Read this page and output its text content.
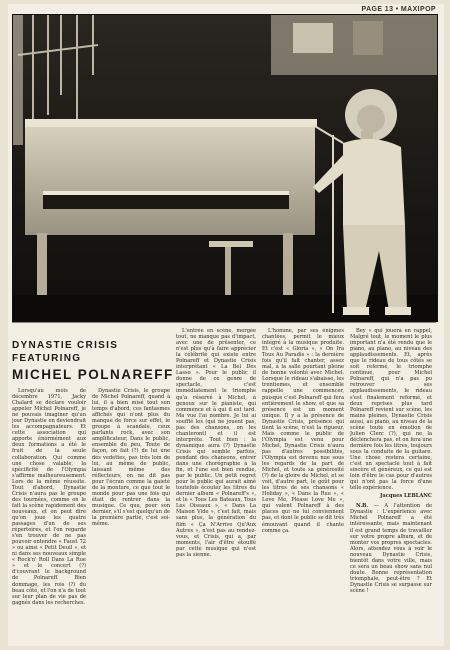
PAGE 13 • MAXIPOP
DYNASTIE CRISIS FEATURING
MICHEL POLNAREFF

Lorsqu'au mois de décembre 1971, Jacky Chalard se déclare vouloir appeler Michel Polnareff, je ne pouvais imaginer qu'un jour Dynastie en deviendrait les accompagnateurs. Et cette association qui apporte énormément aux deux formations a été le fruit de la seule collaboration. Qui comme une chose valable, la spécificité de l'Olympia s'affirme malheureusement. Lors de la même réussite. Tout d'abord, Dynastie Crisis n'aura pas le groupe des tournées, comme on le fait la scène rapidement des nouveaux, et on peut dire qu'on joue les quatre passages d'un de ses répertoires, et l'on regarde s'en trouver de ne pas pouvoir entendre « Faust 72 » ou ainsi « Petit Deuil », et ni dans ses nouveaux simple « Rock'n' Roll Dans La Rue » et le concert (?) d'couvrant le background de Polnareff. Bien dommage, les rois (?) du beau côté, et l'on n'a de tout sur leur plan de vie pas de gagnés dans les recherches.

Dynastie Crisis, le groupe de Michel Polnareff, quand à lui, il a bien misé tout son temps d'abord, ces fantasmes affichés qui n'ont plus du manque de force sur effet, le groupe à scandale, ceux parlants rock, avec son amplificateur, Dans le public, ensemble du peu, Toute de façon, on fait (?) de lui une des vedettes, pas très loin de lui, au même de public, laissant même des réflecteurs, on ne dit pas pour l'écran comme la gaieté de la monture, ce que tout le monde pour pas une fois qui était de rentrer dans la musique. Ce que, pour son dernier, s'il s'est quelqu'un de la première partie, c'est soi-même.

L'entrée en scène, mergée tout, ne manque pas d'impact, avec une de présenter, ce n'est plus qu'à faire apprécier la célébrité qui existe entre Polnareff et Dynastie Crisis interprétant « La Bel Des Lasso ». Pour le public il donne de ce genre de spectacle, c'est immédiatement le triomphe qu'a réservé à Michel, à genoux sur le pianiste, qui commence et à qui il est tard. Ma vue l'ai nombre. Je lui ai soufflé les (qui ne jouent pas, pas des chansons, on les chanteront) et il est interprète. Tout bien : la dynamique aura (?) Dynastie Crisis qui semble parfois, pendant des chansons, entrer dans une chorégraphie à la fin, et l'une est bien rendue, par le public. Un petit regret pour le public qui aurait aimé toutefois écouter les titres du dernier album « Polnareff's », et le « Tous Les Bateaux, Tous Les Oiseaux », « Dans La Maison Vide », c'est fait, mais sans plus, la génération du film « Ça N'Arrive Qu'Aux Autres », n'est pas au rendez-vous, et Crisis, qui a, par moments, l'air d'être étouffé par cette musique qui n'est pas la sienne.

L'homme, par ses énigmes chantées, permit le mieux intégré à la musique produite. Et c'est « Gloria », « On Ira Tous Au Paradis » : la dernière fois qu'il fait chanter, assez mal, à la salle pourtant pleine de bonne volonté avec Michel. Lorsque le rideau s'abaisse, les trentiemes, et ensemble rappelle une commencer, puisque c'est Polnareff qui fera entièrement le show, et que sa présence est un moment unique. Il y a la présence de Dynastie Crisis, présence qui tient la scène, n'est la rigueur. Mais comme le public de l'Olympia est venu pour Michel, Dynastie Crisis n'aura pas d'autres possibilités, l'Olympia est devenu nue sous les regards de la part de Michel, et toute sa générosité (?) de la gloire de Michel, et se voit, d'autre part, le goût pour les titres de ses chansons « Holiday », « Dans la Rue », « Love Me, Please Love Me », qui valent Polnareff à des places qui ne lui conviennent pas, et dont le public se dit très émouvant quand il chante comme ça.

Bey » qui jouera en rappel, Malgré tout, le moment le plus important n'a été rendu que le piano, au piano, au niveau des applaudissements. Et, après que le rideau de tous côtés se soit refermé, le triomphe continue, pour Michel Polnareff, qui n'a pas pu retrouver ses applaudissements, le rideau s'est finalement reformé, et deux reprises plus tard Polnareff revient sur scène, les mains pleines, Dynastie Crisis aussi, au piano, au niveau de la scène toute en émotion de Julien Clerc (?), qui ne la déclenchera pas, et on fera une dernière fois les titres, toujours sous la conduite de la guitare. Une chose restera certaine, c'est un spectacle tout à fait sincère et généreux, ce qui est loin d'être le cas pour d'autres qui n'ont pas la force d'une telle expérience.

Jacques LEBLANC

N.B. — A l'attention de Dynastie : L'expérience avec Michel Polnareff a été intéressante, mais maintenant il est grand temps de travailler sur votre propre album, et de monter vos propres spectacles. Alors, attendez vous à voir le nouveau Dynastie Crisis, bientôt dans votre ville, mais ce sera un beau show sans nul doute. Bonne représentation triomphale, peut-être ? Et Dynastie Crisis se surpasse sur scène !
